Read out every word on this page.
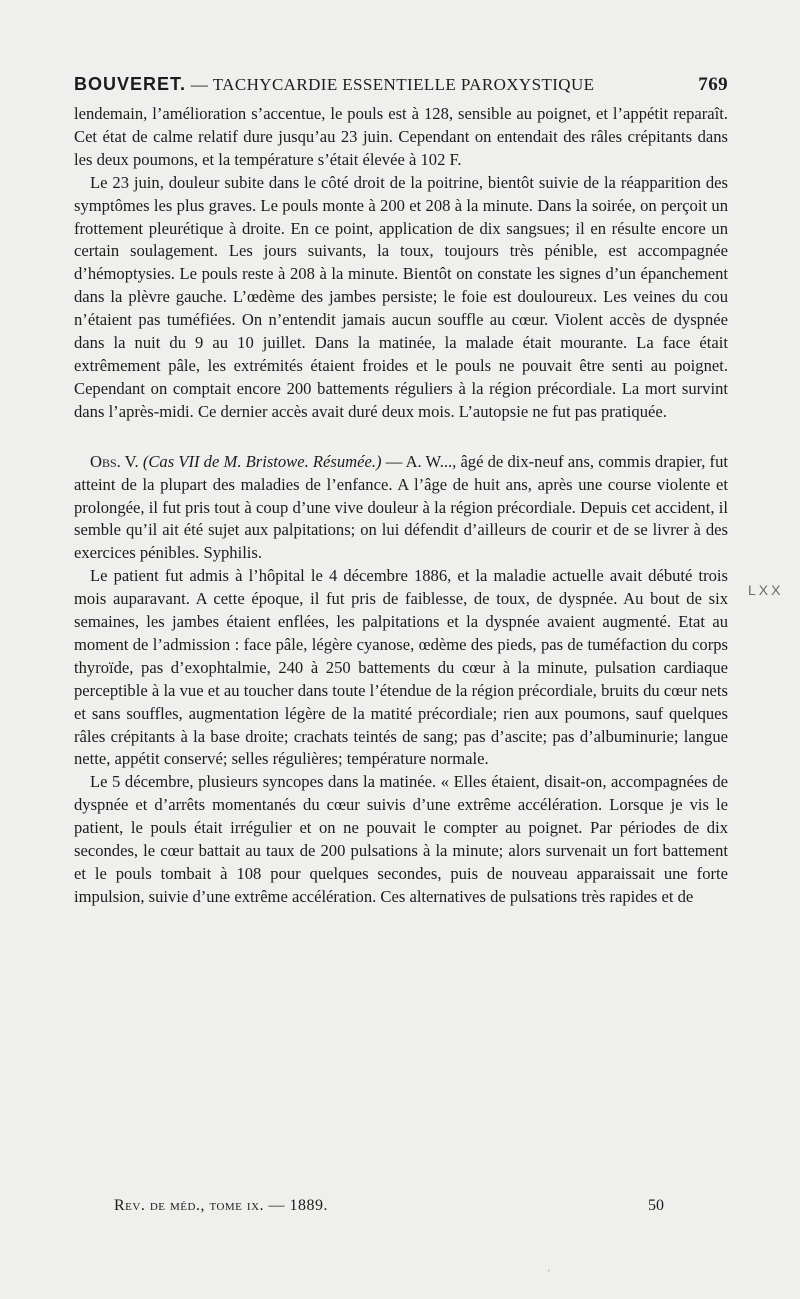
BOUVERET. — TACHYCARDIE ESSENTIELLE PAROXYSTIQUE	769

lendemain, l’amélioration s’accentue, le pouls est à 128, sensible au poignet, et l’appétit reparaît. Cet état de calme relatif dure jusqu’au 23 juin. Cependant on entendait des râles crépitants dans les deux poumons, et la température s’était élevée à 102 F.

Le 23 juin, douleur subite dans le côté droit de la poitrine, bientôt suivie de la réapparition des symptômes les plus graves. Le pouls monte à 200 et 208 à la minute. Dans la soirée, on perçoit un frottement pleurétique à droite. En ce point, application de dix sangsues; il en résulte encore un certain soulagement. Les jours suivants, la toux, toujours très pénible, est accompagnée d’hémoptysies. Le pouls reste à 208 à la minute. Bientôt on constate les signes d’un épanchement dans la plèvre gauche. L’œdème des jambes persiste; le foie est douloureux. Les veines du cou n’étaient pas tuméfiées. On n’entendit jamais aucun souffle au cœur. Violent accès de dyspnée dans la nuit du 9 au 10 juillet. Dans la matinée, la malade était mourante. La face était extrêmement pâle, les extrémités étaient froides et le pouls ne pouvait être senti au poignet. Cependant on comptait encore 200 battements réguliers à la région précordiale. La mort survint dans l’après-midi. Ce dernier accès avait duré deux mois. L’autopsie ne fut pas pratiquée.

Obs. V. (Cas VII de M. Bristowe. Résumée.) — A. W..., âgé de dix-neuf ans, commis drapier, fut atteint de la plupart des maladies de l’enfance. A l’âge de huit ans, après une course violente et prolongée, il fut pris tout à coup d’une vive douleur à la région précordiale. Depuis cet accident, il semble qu’il ait été sujet aux palpitations; on lui défendit d’ailleurs de courir et de se livrer à des exercices pénibles. Syphilis.

Le patient fut admis à l’hôpital le 4 décembre 1886, et la maladie actuelle avait débuté trois mois auparavant. A cette époque, il fut pris de faiblesse, de toux, de dyspnée. Au bout de six semaines, les jambes étaient enflées, les palpitations et la dyspnée avaient augmenté. Etat au moment de l’admission : face pâle, légère cyanose, œdème des pieds, pas de tuméfaction du corps thyroïde, pas d’exophtalmie, 240 à 250 battements du cœur à la minute, pulsation cardiaque perceptible à la vue et au toucher dans toute l’étendue de la région précordiale, bruits du cœur nets et sans souffles, augmentation légère de la matité précordiale; rien aux poumons, sauf quelques râles crépitants à la base droite; crachats teintés de sang; pas d’ascite; pas d’albuminurie; langue nette, appétit conservé; selles régulières; température normale.

Le 5 décembre, plusieurs syncopes dans la matinée. « Elles étaient, disait-on, accompagnées de dyspnée et d’arrêts momentanés du cœur suivis d’une extrême accélération. Lorsque je vis le patient, le pouls était irrégulier et on ne pouvait le compter au poignet. Par périodes de dix secondes, le cœur battait au taux de 200 pulsations à la minute; alors survenait un fort battement et le pouls tombait à 108 pour quelques secondes, puis de nouveau apparaissait une forte impulsion, suivie d’une extrême accélération. Ces alternatives de pulsations très rapides et de

LXX
Rev. de méd., tome ix. — 1889.	50
′
